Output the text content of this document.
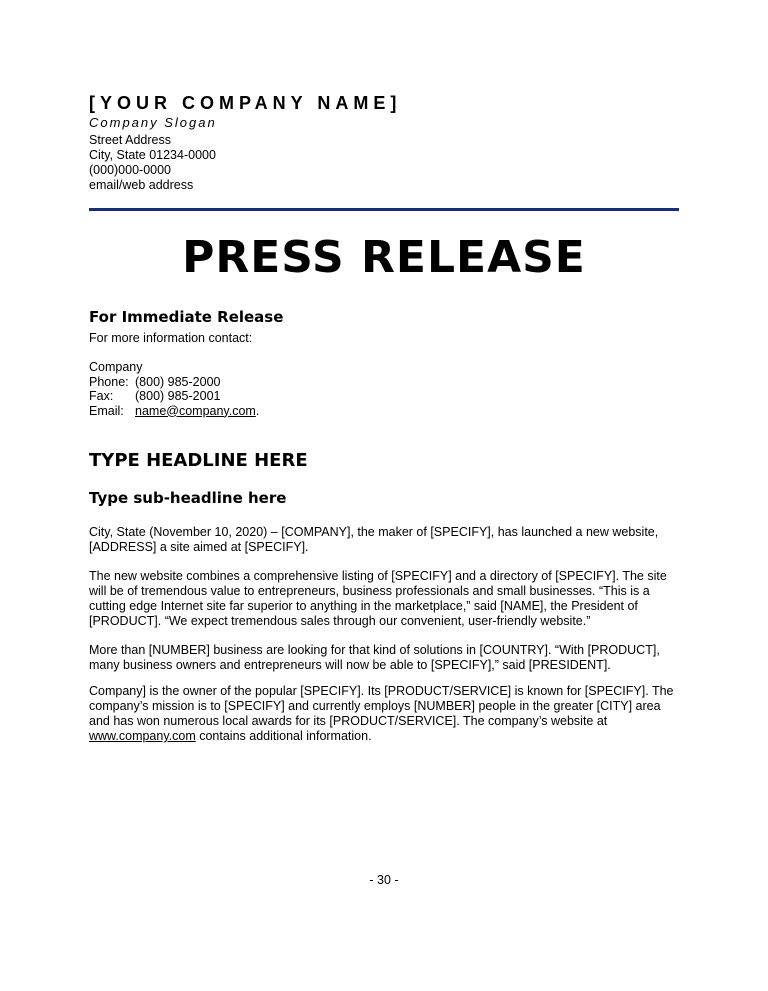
[YOUR COMPANY NAME]
Company Slogan
Street Address
City, State 01234-0000
(000)000-0000
email/web address
PRESS RELEASE
For Immediate Release
For more information contact:
Company
Phone: (800) 985-2000
Fax: (800) 985-2001
Email: name@company.com.
TYPE HEADLINE HERE
Type sub-headline here
City, State (November 10, 2020) – [COMPANY], the maker of [SPECIFY], has launched a new website,
[ADDRESS] a site aimed at [SPECIFY].
The new website combines a comprehensive listing of [SPECIFY] and a directory of [SPECIFY]. The site
will be of tremendous value to entrepreneurs, business professionals and small businesses. “This is a
cutting edge Internet site far superior to anything in the marketplace,” said [NAME], the President of
[PRODUCT]. “We expect tremendous sales through our convenient, user-friendly website.”
More than [NUMBER] business are looking for that kind of solutions in [COUNTRY]. “With [PRODUCT],
many business owners and entrepreneurs will now be able to [SPECIFY],” said [PRESIDENT].
Company] is the owner of the popular [SPECIFY]. Its [PRODUCT/SERVICE] is known for [SPECIFY]. The
company’s mission is to [SPECIFY] and currently employs [NUMBER] people in the greater [CITY] area
and has won numerous local awards for its [PRODUCT/SERVICE]. The company’s website at
www.company.com contains additional information.
- 30 -
